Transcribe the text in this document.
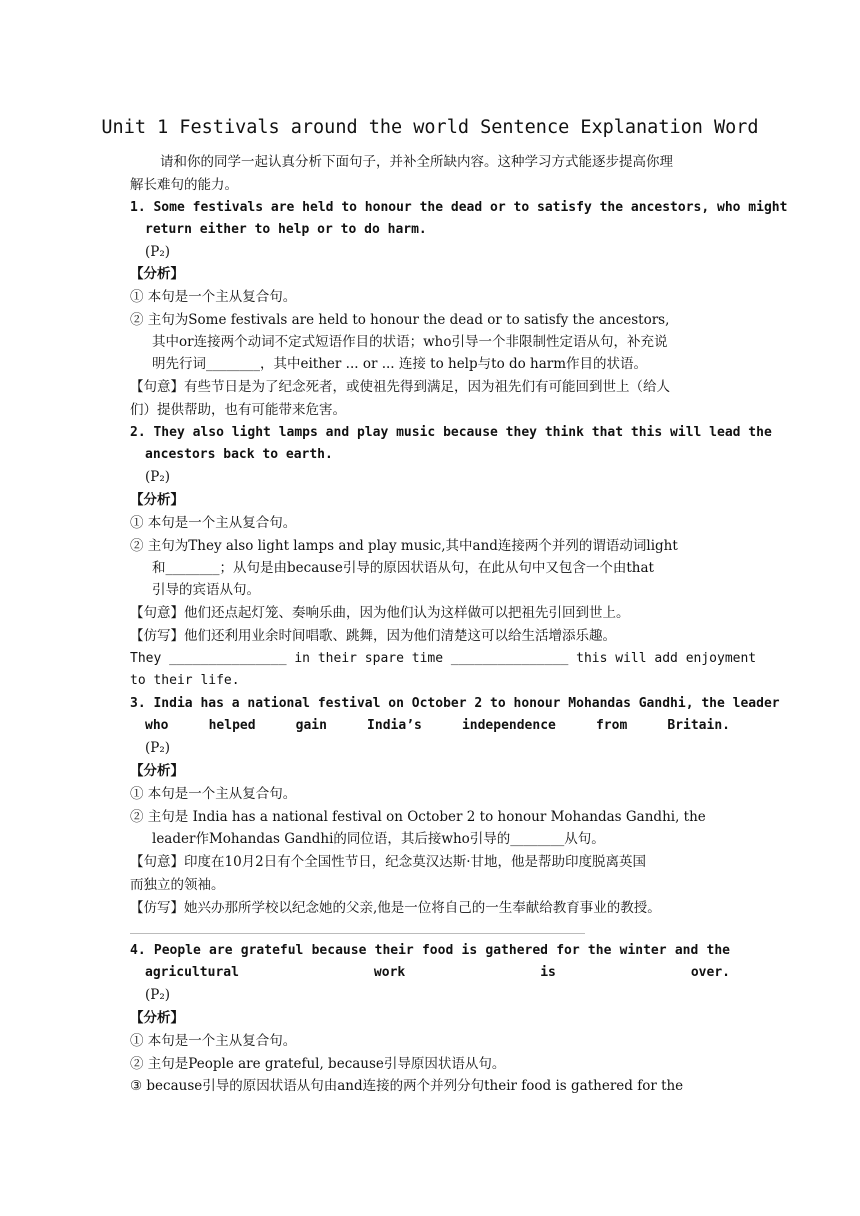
Unit 1 Festivals around the world Sentence Explanation Word
请和你的同学一起认真分析下面句子，并补全所缺内容。这种学习方式能逐步提高你理
解长难句的能力。
1. Some festivals are held to honour the dead or to satisfy the ancestors, who might
return either to help or to do harm.
(P₂)
【分析】
① 本句是一个主从复合句。
② 主句为Some festivals are held to honour the dead or to satisfy the ancestors,
其中or连接两个动词不定式短语作目的状语；who引导一个非限制性定语从句，补充说
明先行词________，其中either ... or ... 连接 to help与to do harm作目的状语。
【句意】有些节日是为了纪念死者，或使祖先得到满足，因为祖先们有可能回到世上（给人
们）提供帮助，也有可能带来危害。
2. They also light lamps and play music because they think that this will lead the
ancestors back to earth.
(P₂)
【分析】
① 本句是一个主从复合句。
② 主句为They also light lamps and play music,其中and连接两个并列的谓语动词light
和________；从句是由because引导的原因状语从句，在此从句中又包含一个由that
引导的宾语从句。
【句意】他们还点起灯笼、奏响乐曲，因为他们认为这样做可以把祖先引回到世上。
【仿写】他们还利用业余时间唱歌、跳舞，因为他们清楚这可以给生活增添乐趣。
They _______________ in their spare time _______________ this will add enjoyment
to their life.
3. India has a national festival on October 2 to honour Mohandas Gandhi, the leader
who helped gain India’s independence from Britain.
(P₂)
【分析】
① 本句是一个主从复合句。
② 主句是 India has a national festival on October 2 to honour Mohandas Gandhi, the
leader作Mohandas Gandhi的同位语，其后接who引导的________从句。
【句意】印度在10月2日有个全国性节日，纪念莫汉达斯·甘地，他是帮助印度脱离英国
而独立的领袖。
【仿写】她兴办那所学校以纪念她的父亲,他是一位将自己的一生奉献给教育事业的教授。
4. People are grateful because their food is gathered for the winter and the
agricultural work is over.
(P₂)
【分析】
① 本句是一个主从复合句。
② 主句是People are grateful, because引导原因状语从句。
③ because引导的原因状语从句由and连接的两个并列分句their food is gathered for the
